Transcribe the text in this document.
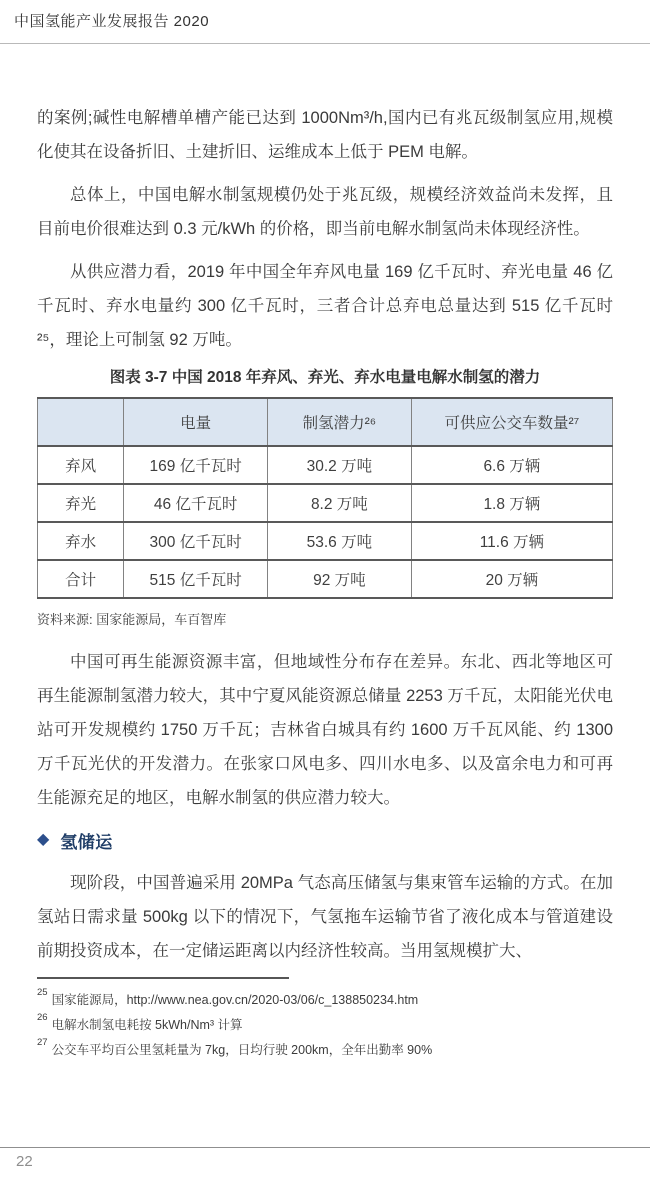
中国氢能产业发展报告 2020

的案例;碱性电解槽单槽产能已达到 1000Nm³/h,国内已有兆瓦级制氢应用,规模化使其在设备折旧、土建折旧、运维成本上低于 PEM 电解。

总体上，中国电解水制氢规模仍处于兆瓦级，规模经济效益尚未发挥，且目前电价很难达到 0.3 元/kWh 的价格，即当前电解水制氢尚未体现经济性。

从供应潜力看，2019 年中国全年弃风电量 169 亿千瓦时、弃光电量 46 亿千瓦时、弃水电量约 300 亿千瓦时，三者合计总弃电总量达到 515 亿千瓦时²⁵，理论上可制氢 92 万吨。

图表 3-7 中国 2018 年弃风、弃光、弃水电量电解水制氢的潜力
	电量	制氢潜力²⁶	可供应公交车数量²⁷
弃风	169 亿千瓦时	30.2 万吨	6.6 万辆
弃光	46 亿千瓦时	8.2 万吨	1.8 万辆
弃水	300 亿千瓦时	53.6 万吨	11.6 万辆
合计	515 亿千瓦时	92 万吨	20 万辆
资料来源: 国家能源局，车百智库

中国可再生能源资源丰富，但地域性分布存在差异。东北、西北等地区可再生能源制氢潜力较大，其中宁夏风能资源总储量 2253 万千瓦，太阳能光伏电站可开发规模约 1750 万千瓦；吉林省白城具有约 1600 万千瓦风能、约 1300 万千瓦光伏的开发潜力。在张家口风电多、四川水电多、以及富余电力和可再生能源充足的地区，电解水制氢的供应潜力较大。

◆ 氢储运

现阶段，中国普遍采用 20MPa 气态高压储氢与集束管车运输的方式。在加氢站日需求量 500kg 以下的情况下，气氢拖车运输节省了液化成本与管道建设前期投资成本，在一定储运距离以内经济性较高。当用氢规模扩大、

$^{25}$国家能源局，http://www.nea.gov.cn/2020-03/06/c_138850234.htm
$^{26}$电解水制氢电耗按 5kWh/Nm³ 计算
$^{27}$公交车平均百公里氢耗量为 7kg，日均行驶 200km，全年出勤率 90%
22
